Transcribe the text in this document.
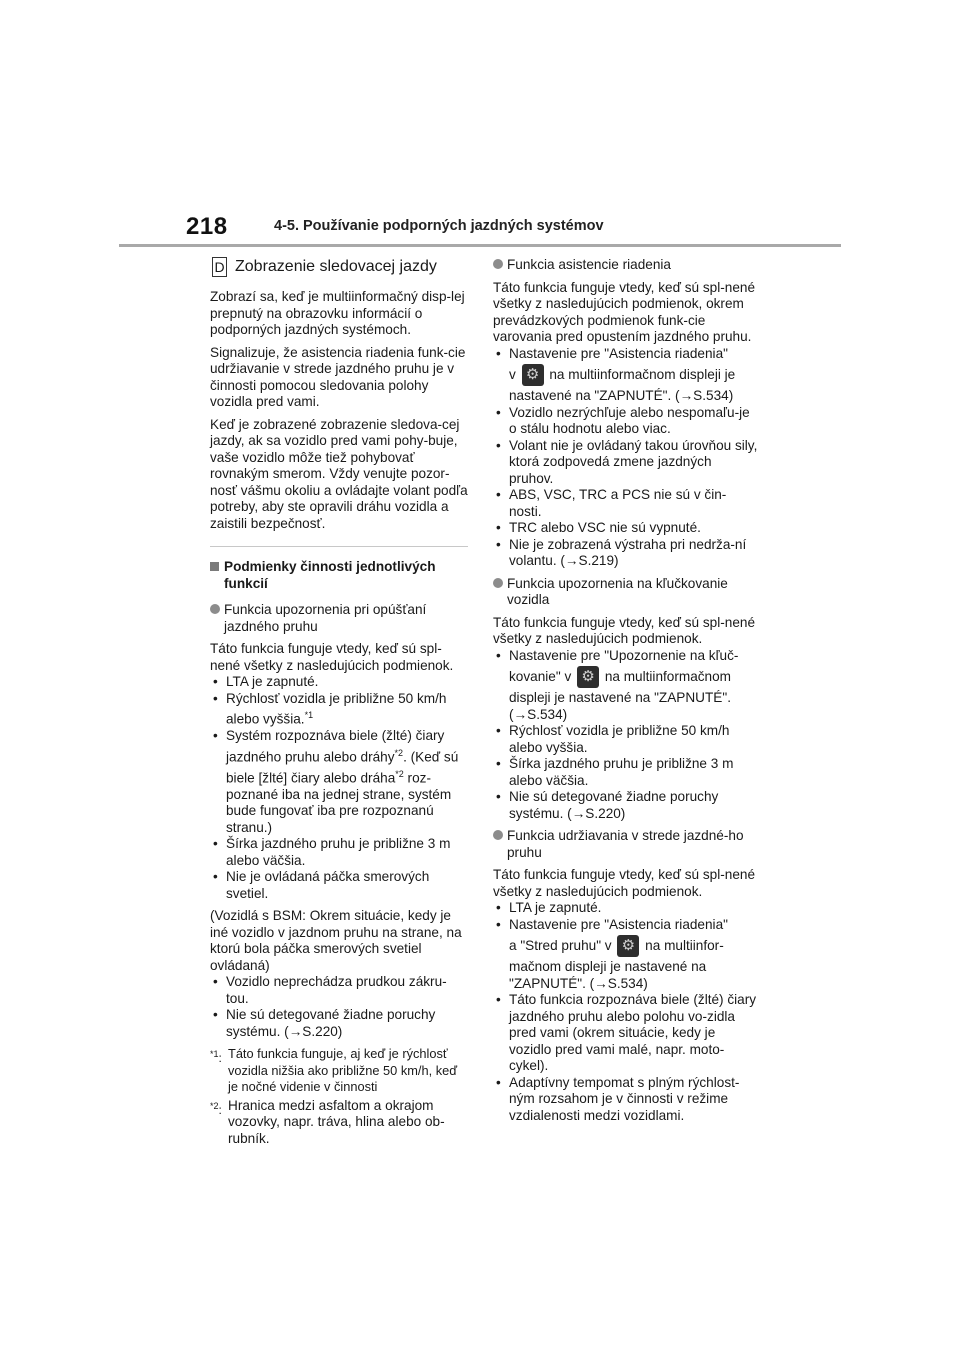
218	4-5. Používanie podporných jazdných systémov
D Zobrazenie sledovacej jazdy

Zobrazí sa, keď je multiinformačný disp-lej prepnutý na obrazovku informácií o podporných jazdných systémoch.

Signalizuje, že asistencia riadenia funk-cie udržiavanie v strede jazdného pruhu je v činnosti pomocou sledovania polohy vozidla pred vami.

Keď je zobrazené zobrazenie sledova-cej jazdy, ak sa vozidlo pred vami pohy-buje, vaše vozidlo môže tiež pohybovať rovnakým smerom. Vždy venujte pozor-nosť vášmu okoliu a ovládajte volant podľa potreby, aby ste opravili dráhu vozidla a zaistili bezpečnosť.

Podmienky činnosti jednotlivých funkcií
Funkcia upozornenia pri opúšťaní jazdného pruhu

Táto funkcia funguje vtedy, keď sú spl-nené všetky z nasledujúcich podmienok.

• LTA je zapnuté.
• Rýchlosť vozidla je približne 50 km/h alebo vyššia.$^{*1}$
• Systém rozpoznáva biele (žlté) čiary jazdného pruhu alebo dráhy$^{*2}$. (Keď sú biele [žlté] čiary alebo dráha$^{*2}$ roz-poznané iba na jednej strane, systém bude fungovať iba pre rozpoznanú stranu.)
• Šírka jazdného pruhu je približne 3 m alebo väčšia.
• Nie je ovládaná páčka smerových svetiel.

(Vozidlá s BSM: Okrem situácie, kedy je iné vozidlo v jazdnom pruhu na strane, na ktorú bola páčka smerových svetiel ovládaná)

• Vozidlo neprechádza prudkou zákru-tou.
• Nie sú detegované žiadne poruchy systému. (→S.220)
$^{*1}$: Táto funkcia funguje, aj keď je rýchlosť vozidla nižšia ako približne 50 km/h, keď je nočné videnie v činnosti
$^{*2}$: Hranica medzi asfaltom a okrajom vozovky, napr. tráva, hlina alebo ob-rubník.
Funkcia asistencie riadenia

Táto funkcia funguje vtedy, keď sú spl-nené všetky z nasledujúcich podmienok, okrem prevádzkových podmienok funk-cie varovania pred opustením jazdného pruhu.

• Nastavenie pre "Asistencia riadenia"
v ⚙ na multiinformačnom displeji je nastavené na "ZAPNUTÉ". (→S.534)
• Vozidlo nezrýchľuje alebo nespomaľu-je o stálu hodnotu alebo viac.
• Volant nie je ovládaný takou úrovňou sily, ktorá zodpovedá zmene jazdných pruhov.
• ABS, VSC, TRC a PCS nie sú v čin-nosti.
• TRC alebo VSC nie sú vypnuté.
• Nie je zobrazená výstraha pri nedrža-ní volantu. (→S.219)
Funkcia upozornenia na kľučkovanie vozidla

Táto funkcia funguje vtedy, keď sú spl-nené všetky z nasledujúcich podmienok.

• Nastavenie pre "Upozornenie na kľuč-
kovanie" v ⚙ na multiinformačnom displeji je nastavené na "ZAPNUTÉ". (→S.534)
• Rýchlosť vozidla je približne 50 km/h alebo vyššia.
• Šírka jazdného pruhu je približne 3 m alebo väčšia.
• Nie sú detegované žiadne poruchy systému. (→S.220)
Funkcia udržiavania v strede jazdné-ho pruhu

Táto funkcia funguje vtedy, keď sú spl-nené všetky z nasledujúcich podmienok.

• LTA je zapnuté.
• Nastavenie pre "Asistencia riadenia"
a "Stred pruhu" v ⚙ na multiinfor-mačnom displeji je nastavené na "ZAPNUTÉ". (→S.534)
• Táto funkcia rozpoznáva biele (žlté) čiary jazdného pruhu alebo polohu vo-zidla pred vami (okrem situácie, kedy je vozidlo pred vami malé, napr. moto-cykel).
• Adaptívny tempomat s plným rýchlost-ným rozsahom je v činnosti v režime vzdialenosti medzi vozidlami.
